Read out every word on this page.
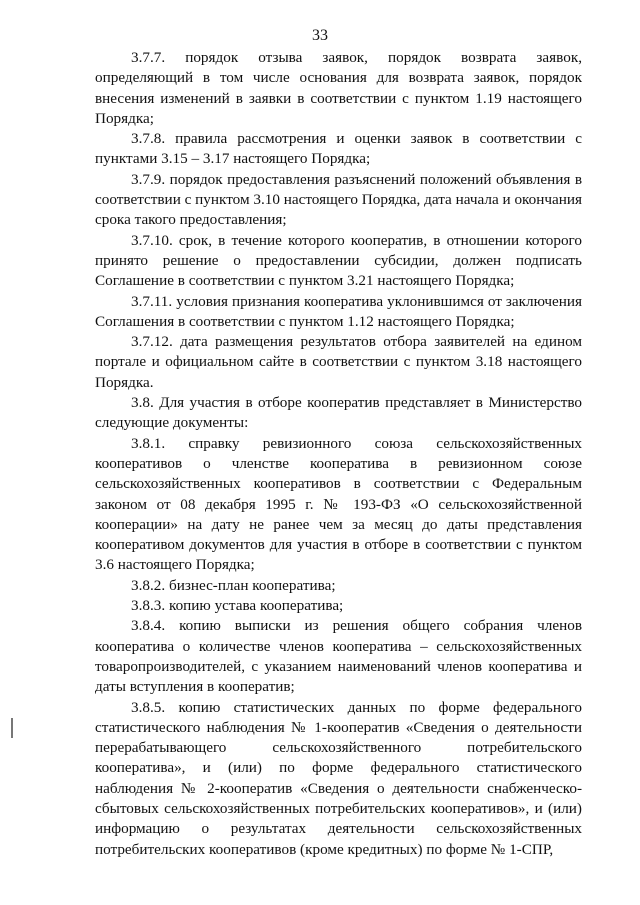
33

3.7.7. порядок отзыва заявок, порядок возврата заявок, определяющий в том числе основания для возврата заявок, порядок внесения изменений в заявки в соответствии с пунктом 1.19 настоящего Порядка;

3.7.8. правила рассмотрения и оценки заявок в соответствии с пунктами 3.15 – 3.17 настоящего Порядка;

3.7.9. порядок предоставления разъяснений положений объявления в соответствии с пунктом 3.10 настоящего Порядка, дата начала и окончания срока такого предоставления;

3.7.10. срок, в течение которого кооператив, в отношении которого принято решение о предоставлении субсидии, должен подписать Соглашение в соответствии с пунктом 3.21 настоящего Порядка;

3.7.11. условия признания кооператива уклонившимся от заключения Соглашения в соответствии с пунктом 1.12 настоящего Порядка;

3.7.12. дата размещения результатов отбора заявителей на едином портале и официальном сайте в соответствии с пунктом 3.18 настоящего Порядка.

3.8. Для участия в отборе кооператив представляет в Министерство следующие документы:

3.8.1. справку ревизионного союза сельскохозяйственных кооперативов о членстве кооператива в ревизионном союзе сельскохозяйственных кооперативов в соответствии с Федеральным законом от 08 декабря 1995 г. № 193-ФЗ «О сельскохозяйственной кооперации» на дату не ранее чем за месяц до даты представления кооперативом документов для участия в отборе в соответствии с пунктом 3.6 настоящего Порядка;

3.8.2. бизнес-план кооператива;

3.8.3. копию устава кооператива;

3.8.4. копию выписки из решения общего собрания членов кооператива о количестве членов кооператива – сельскохозяйственных товаропроизводителей, с указанием наименований членов кооператива и даты вступления в кооператив;

3.8.5. копию статистических данных по форме федерального статистического наблюдения № 1-кооператив «Сведения о деятельности перерабатывающего сельскохозяйственного потребительского кооператива», и (или) по форме федерального статистического наблюдения № 2-кооператив «Сведения о деятельности снабженческо-сбытовых сельскохозяйственных потребительских кооперативов», и (или) информацию о результатах деятельности сельскохозяйственных потребительских кооперативов (кроме кредитных) по форме № 1-СПР,
